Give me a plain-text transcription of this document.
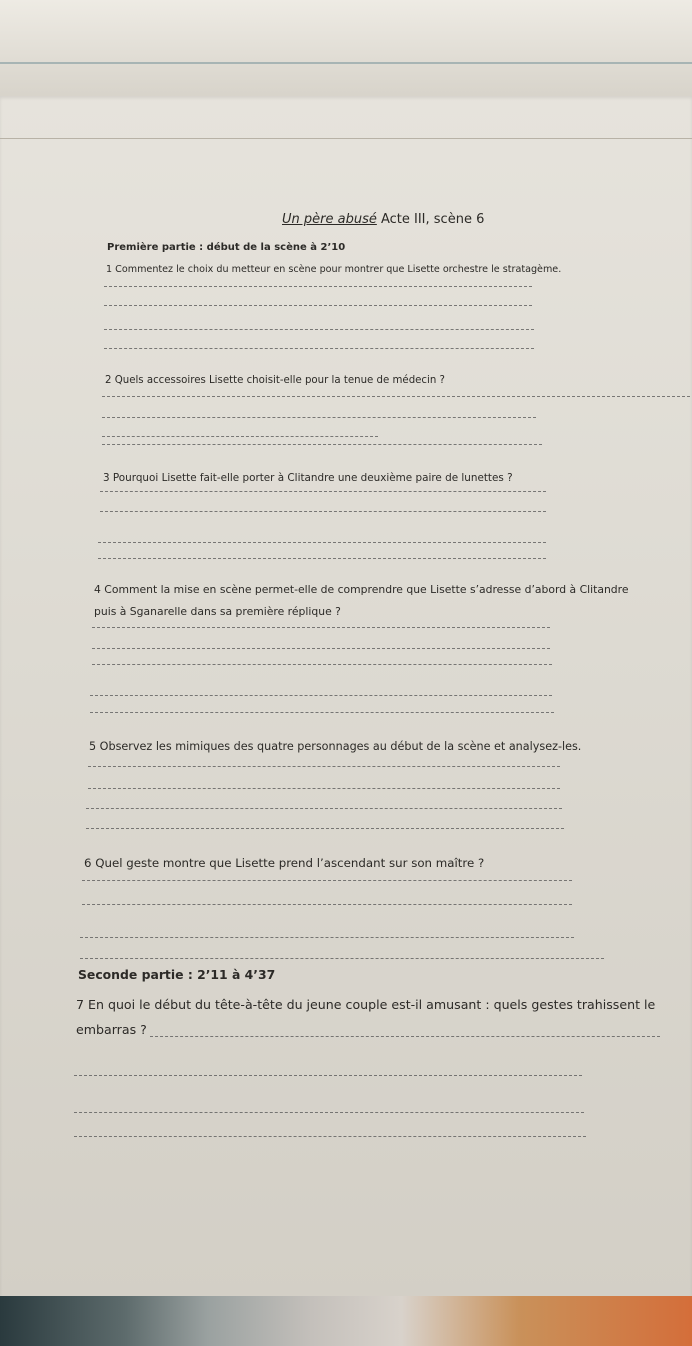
Un père abusé Acte III, scène 6
Première partie : début de la scène à 2’10
1 Commentez le choix du metteur en scène pour montrer que Lisette orchestre le stratagème.
2 Quels accessoires Lisette choisit-elle pour la tenue de médecin ?
3 Pourquoi Lisette fait-elle porter à Clitandre une deuxième paire de lunettes ?
4 Comment la mise en scène permet-elle de comprendre que Lisette s’adresse d’abord à Clitandre
puis à Sganarelle dans sa première réplique ?
5 Observez les mimiques des quatre personnages au début de la scène et analysez-les.
6 Quel geste montre que Lisette prend l’ascendant sur son maître ?
Seconde partie : 2’11 à 4’37
7 En quoi le début du tête-à-tête du jeune couple est-il amusant : quels gestes trahissent le
embarras ?
